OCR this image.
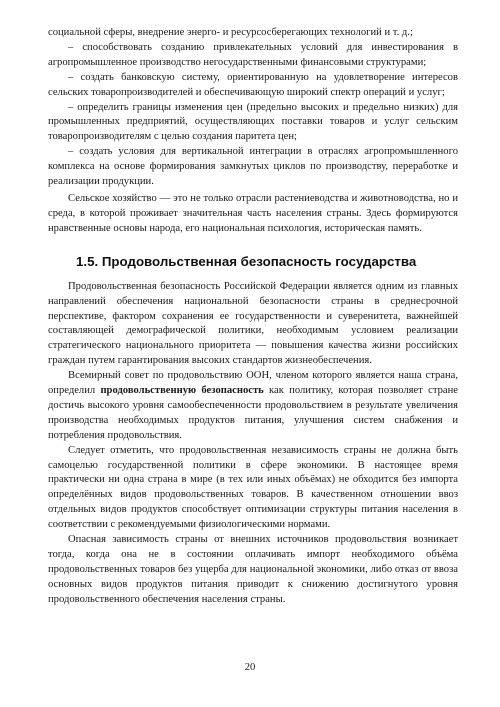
социальной сферы, внедрение энерго- и ресурсосберегающих технологий и т. д.;

– способствовать созданию привлекательных условий для инвестирования в агропромышленное производство негосударственными финансовыми структурами;

– создать банковскую систему, ориентированную на удовлетворение интересов сельских товаропроизводителей и обеспечивающую широкий спектр операций и услуг;

– определить границы изменения цен (предельно высоких и предельно низких) для промышленных предприятий, осуществляющих поставки товаров и услуг сельским товаропроизводителям с целью создания паритета цен;

– создать условия для вертикальной интеграции в отраслях агропромышленного комплекса на основе формирования замкнутых циклов по производству, переработке и реализации продукции.

Сельское хозяйство — это не только отрасли растениеводства и животноводства, но и среда, в которой проживает значительная часть населения страны. Здесь формируются нравственные основы народа, его национальная психология, историческая память.

1.5. Продовольственная безопасность государства

Продовольственная безопасность Российской Федерации является одним из главных направлений обеспечения национальной безопасности страны в среднесрочной перспективе, фактором сохранения ее государственности и суверенитета, важнейшей составляющей демографической политики, необходимым условием реализации стратегического национального приоритета — повышения качества жизни российских граждан путем гарантирования высоких стандартов жизнеобеспечения.

Всемирный совет по продовольствию ООН, членом которого является наша страна, определил продовольственную безопасность как политику, которая позволяет стране достичь высокого уровня самообеспеченности продовольствием в результате увеличения производства необходимых продуктов питания, улучшения систем снабжения и потребления продовольствия.

Следует отметить, что продовольственная независимость страны не должна быть самоцелью государственной политики в сфере экономики. В настоящее время практически ни одна страна в мире (в тех или иных объёмах) не обходится без импорта определённых видов продовольственных товаров. В качественном отношении ввоз отдельных видов продуктов способствует оптимизации структуры питания населения в соответствии с рекомендуемыми физиологическими нормами.

Опасная зависимость страны от внешних источников продовольствия возникает тогда, когда она не в состоянии оплачивать импорт необходимого объёма продовольственных товаров без ущерба для национальной экономики, либо отказ от ввоза основных видов продуктов питания приводит к снижению достигнутого уровня продовольственного обеспечения населения страны.

20
